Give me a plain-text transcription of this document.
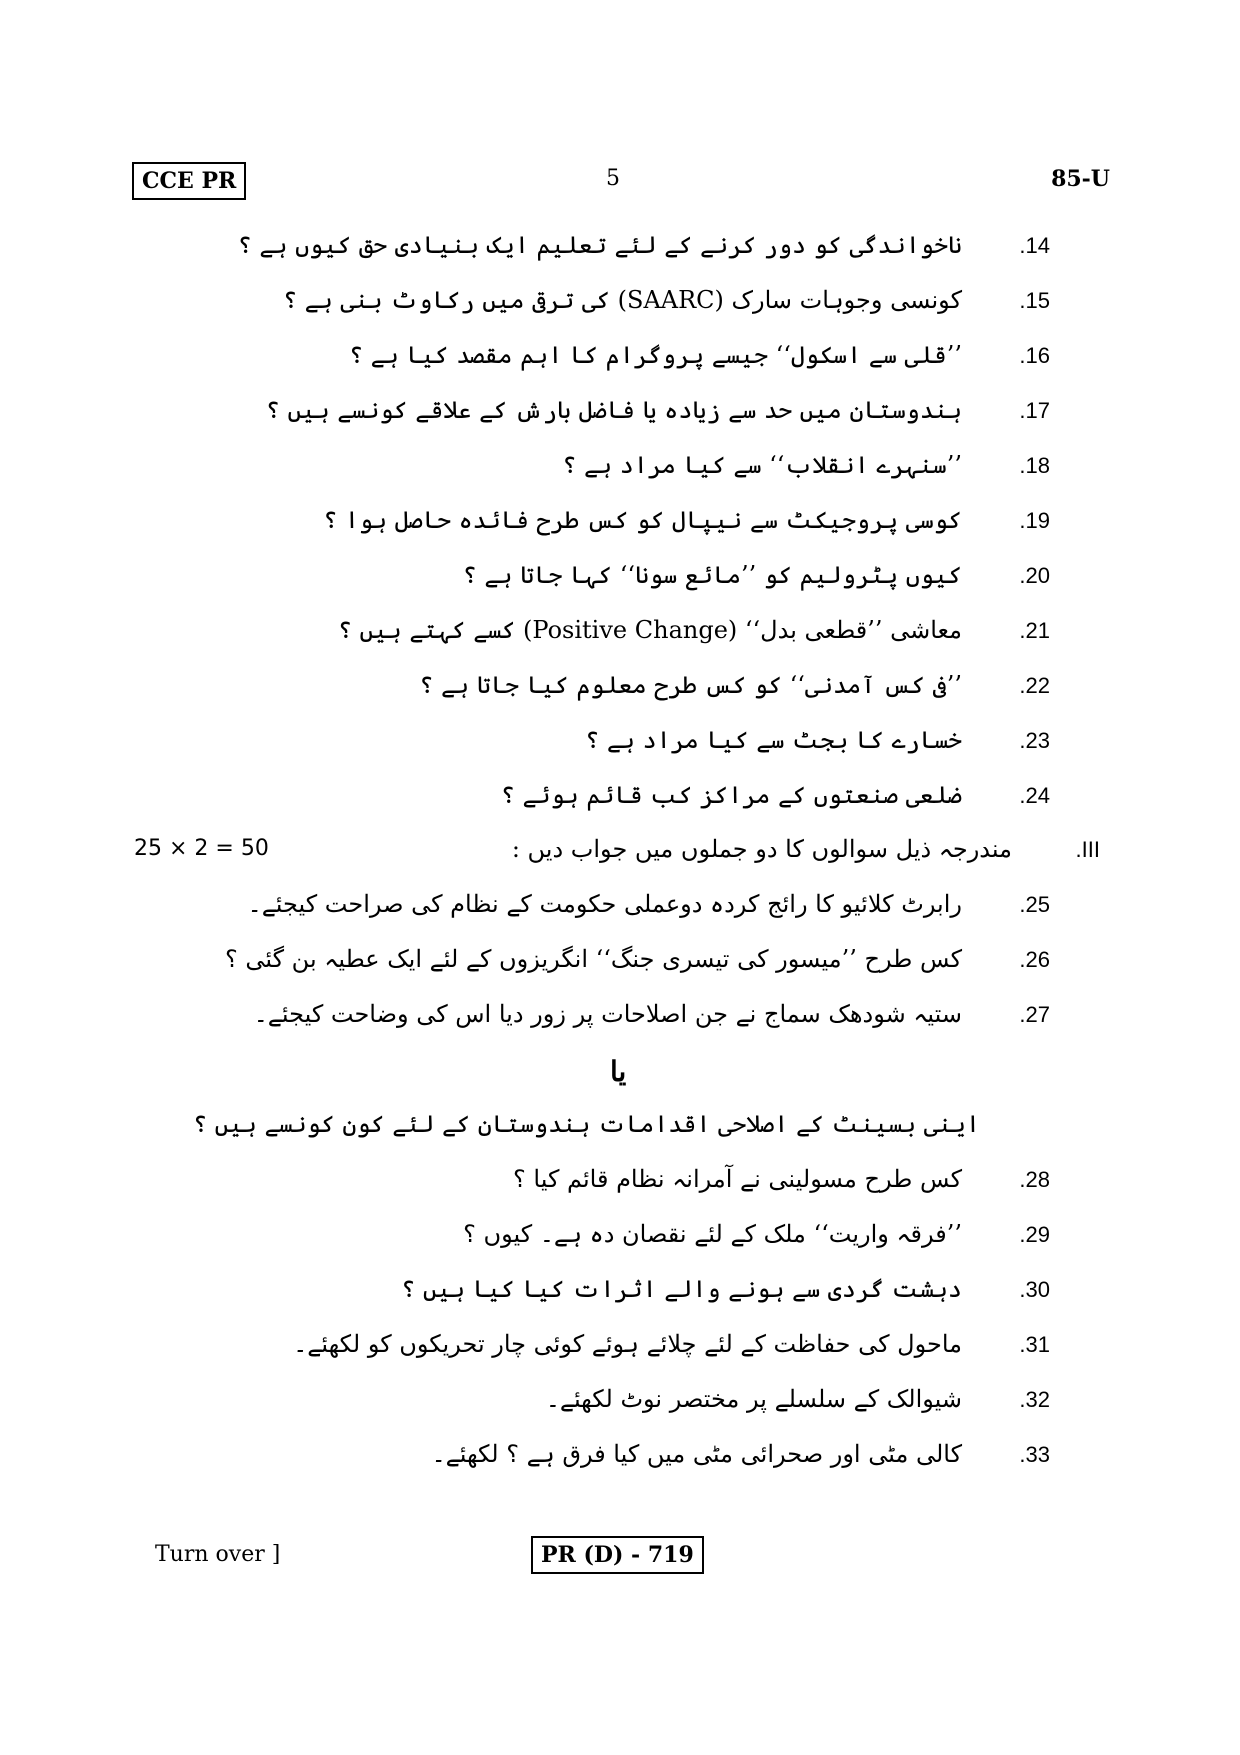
CCE PR	5	85-U
14.ناخواندگی کو دور کرنے کے لئے تعلیم ایک بنیادی حق کیوں ہے ؟
15.کونسی وجوہات سارک (SAARC) کی ترقی میں رکاوٹ بنی ہے ؟
16.’’قلی سے اسکول‘‘ جیسے پروگرام کا اہم مقصد کیا ہے ؟
17.ہندوستان میں حد سے زیادہ یا فاضل بارش کے علاقے کونسے ہیں ؟
18.’’سنہرے انقلاب‘‘ سے کیا مراد ہے ؟
19.کوسی پروجیکٹ سے نیپال کو کس طرح فائدہ حاصل ہوا ؟
20.کیوں پٹرولیم کو ’’مائع سونا‘‘ کہا جاتا ہے ؟
21.معاشی ’’قطعی بدل‘‘ (Positive Change) کسے کہتے ہیں ؟
22.’’فی کس آمدنی‘‘ کو کس طرح معلوم کیا جاتا ہے ؟
23.خسارے کا بجٹ سے کیا مراد ہے ؟
24.ضلعی صنعتوں کے مراکز کب قائم ہوئے ؟
25 × 2 = 50	III.مندرجہ ذیل سوالوں کا دو جملوں میں جواب دیں :
25.رابرٹ کلائیو کا رائج کردہ دوعملی حکومت کے نظام کی صراحت کیجئے۔
26.کس طرح ’’میسور کی تیسری جنگ‘‘ انگریزوں کے لئے ایک عطیہ بن گئی ؟
27.ستیہ شودھک سماج نے جن اصلاحات پر زور دیا اس کی وضاحت کیجئے۔
یا
اینی بسینٹ کے اصلاحی اقدامات ہندوستان کے لئے کون کونسے ہیں ؟
28.کس طرح مسولینی نے آمرانہ نظام قائم کیا ؟
29.’’فرقہ واریت‘‘ ملک کے لئے نقصان دہ ہے۔ کیوں ؟
30.دہشت گردی سے ہونے والے اثرات کیا کیا ہیں ؟
31.ماحول کی حفاظت کے لئے چلائے ہوئے کوئی چار تحریکوں کو لکھئے۔
32.شیوالک کے سلسلے پر مختصر نوٹ لکھئے۔
33.کالی مٹی اور صحرائی مٹی میں کیا فرق ہے ؟ لکھئے۔
Turn over ]	PR (D) - 719
